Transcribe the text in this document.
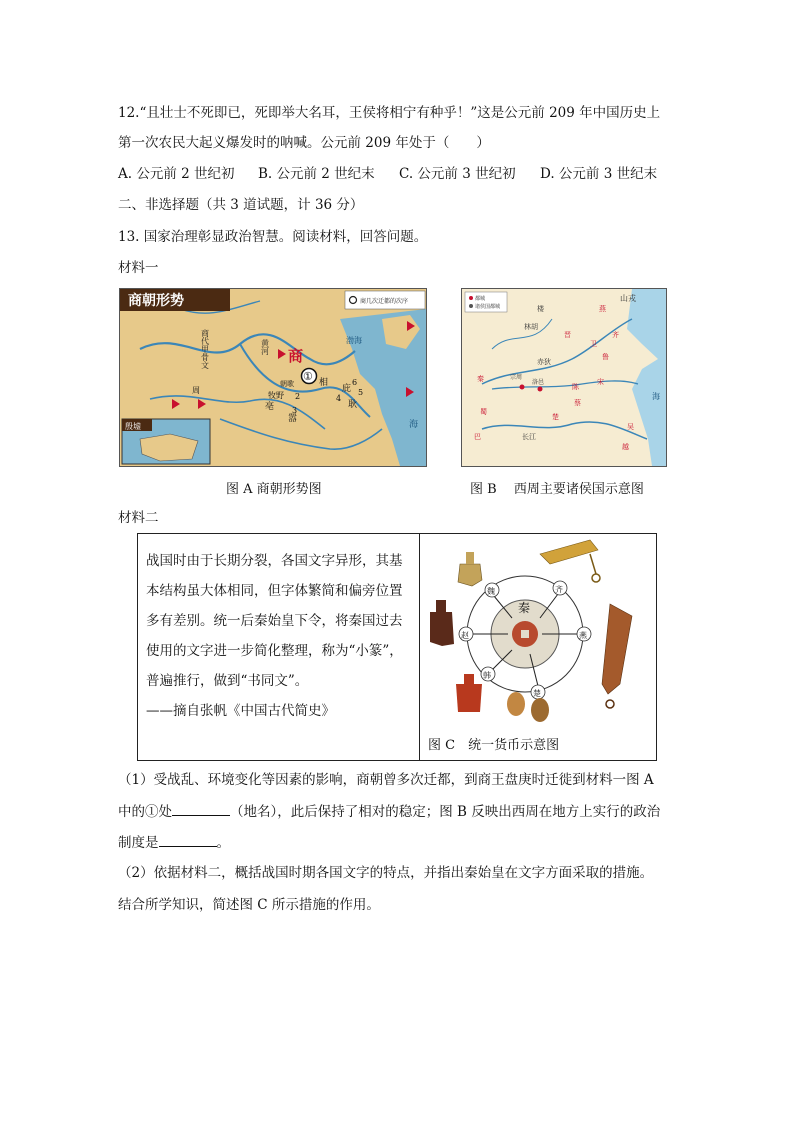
12.“且壮士不死即已，死即举大名耳，王侯将相宁有种乎！”这是公元前 209 年中国历史上
第一次农民大起义爆发时的呐喊。公元前 209 年处于（　　）
A. 公元前 2 世纪初 B. 公元前 2 世纪末 C. 公元前 3 世纪初 D. 公元前 3 世纪末
二、非选择题（共 3 道试题，计 36 分）
13. 国家治理彰显政治智慧。阅读材料，回答问题。
材料一
商朝形势	商几次迁都的次序
商代甲骨文	黄河 商
① 相
朝歌
牧野
庇
耿
亳
嚣
2
3
4
5
6
渤海
周
海
殷墟
图 A 商朝形势图
都城
诸侯国都城
山戎
燕
楼
林胡
晋
卫
齐
鲁
赤狄
秦	宗周
洛邑	宋
陈
蔡
楚
巴
蜀
长江
吴
越
海
图 B　 西周主要诸侯国示意图
材料二

战国时由于长期分裂，各国文字异形，其基本结构虽大体相同，但字体繁简和偏旁位置多有差别。统一后秦始皇下令，将秦国过去使用的文字进一步简化整理，称为“小篆”，普遍推行，做到“书同文”。

——摘自张帆《中国古代简史》

秦
魏	齐
燕
楚
韩
赵
图 C　统一货币示意图
（1）受战乱、环境变化等因素的影响，商朝曾多次迁都，到商王盘庚时迁徙到材料一图 A
中的①处	（地名），此后保持了相对的稳定；图 B 反映出西周在地方上实行的政治
制度是	。
（2）依据材料二，概括战国时期各国文字的特点，并指出秦始皇在文字方面采取的措施。
结合所学知识，简述图 C 所示措施的作用。
